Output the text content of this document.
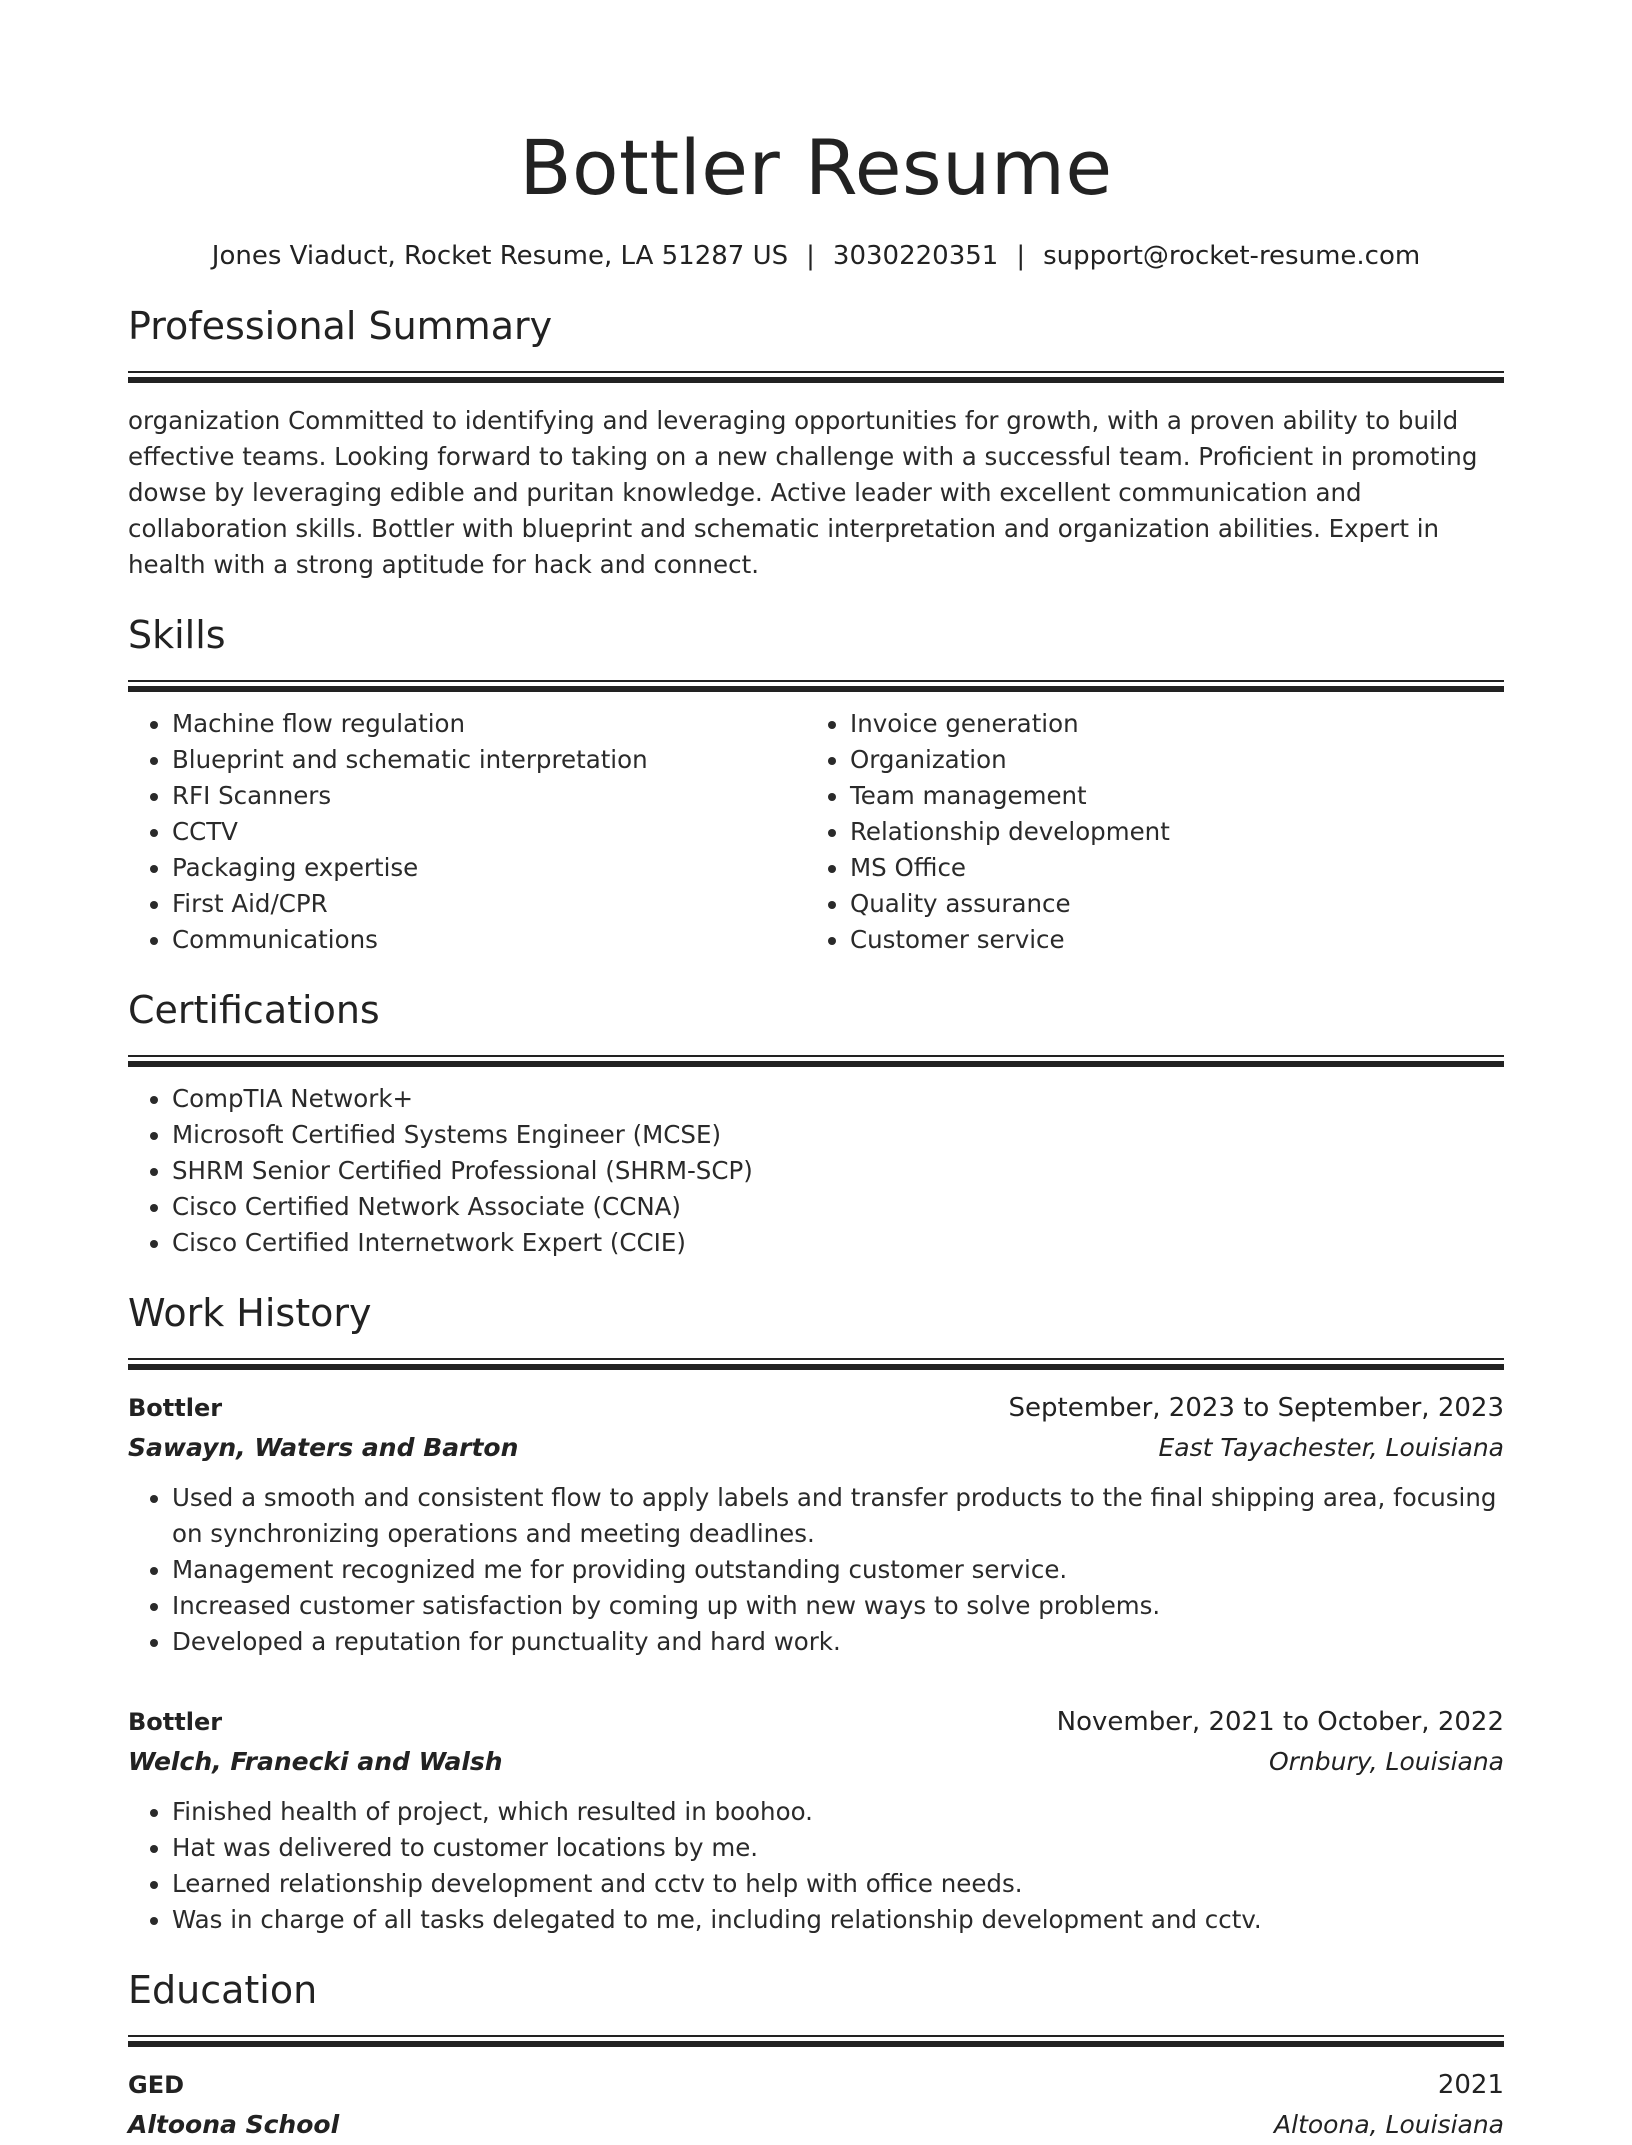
Bottler Resume
Jones Viaduct, Rocket Resume, LA 51287 US | 3030220351 | support@rocket-resume.com
Professional Summary
organization Committed to identifying and leveraging opportunities for growth, with a proven ability to build effective teams. Looking forward to taking on a new challenge with a successful team. Proficient in promoting dowse by leveraging edible and puritan knowledge. Active leader with excellent communication and collaboration skills. Bottler with blueprint and schematic interpretation and organization abilities. Expert in health with a strong aptitude for hack and connect.
Skills
• Machine flow regulation
• Blueprint and schematic interpretation
• RFI Scanners
• CCTV
• Packaging expertise
• First Aid/CPR
• Communications
• Invoice generation
• Organization
• Team management
• Relationship development
• MS Office
• Quality assurance
• Customer service
Certifications
• CompTIA Network+
• Microsoft Certified Systems Engineer (MCSE)
• SHRM Senior Certified Professional (SHRM-SCP)
• Cisco Certified Network Associate (CCNA)
• Cisco Certified Internetwork Expert (CCIE)
Work History
Bottler	September, 2023 to September, 2023
Sawayn, Waters and Barton	East Tayachester, Louisiana
• Used a smooth and consistent flow to apply labels and transfer products to the final shipping area, focusing on synchronizing operations and meeting deadlines.
• Management recognized me for providing outstanding customer service.
• Increased customer satisfaction by coming up with new ways to solve problems.
• Developed a reputation for punctuality and hard work.
Bottler	November, 2021 to October, 2022
Welch, Franecki and Walsh	Ornbury, Louisiana
• Finished health of project, which resulted in boohoo.
• Hat was delivered to customer locations by me.
• Learned relationship development and cctv to help with office needs.
• Was in charge of all tasks delegated to me, including relationship development and cctv.
Education
GED	2021
Altoona School	Altoona, Louisiana
